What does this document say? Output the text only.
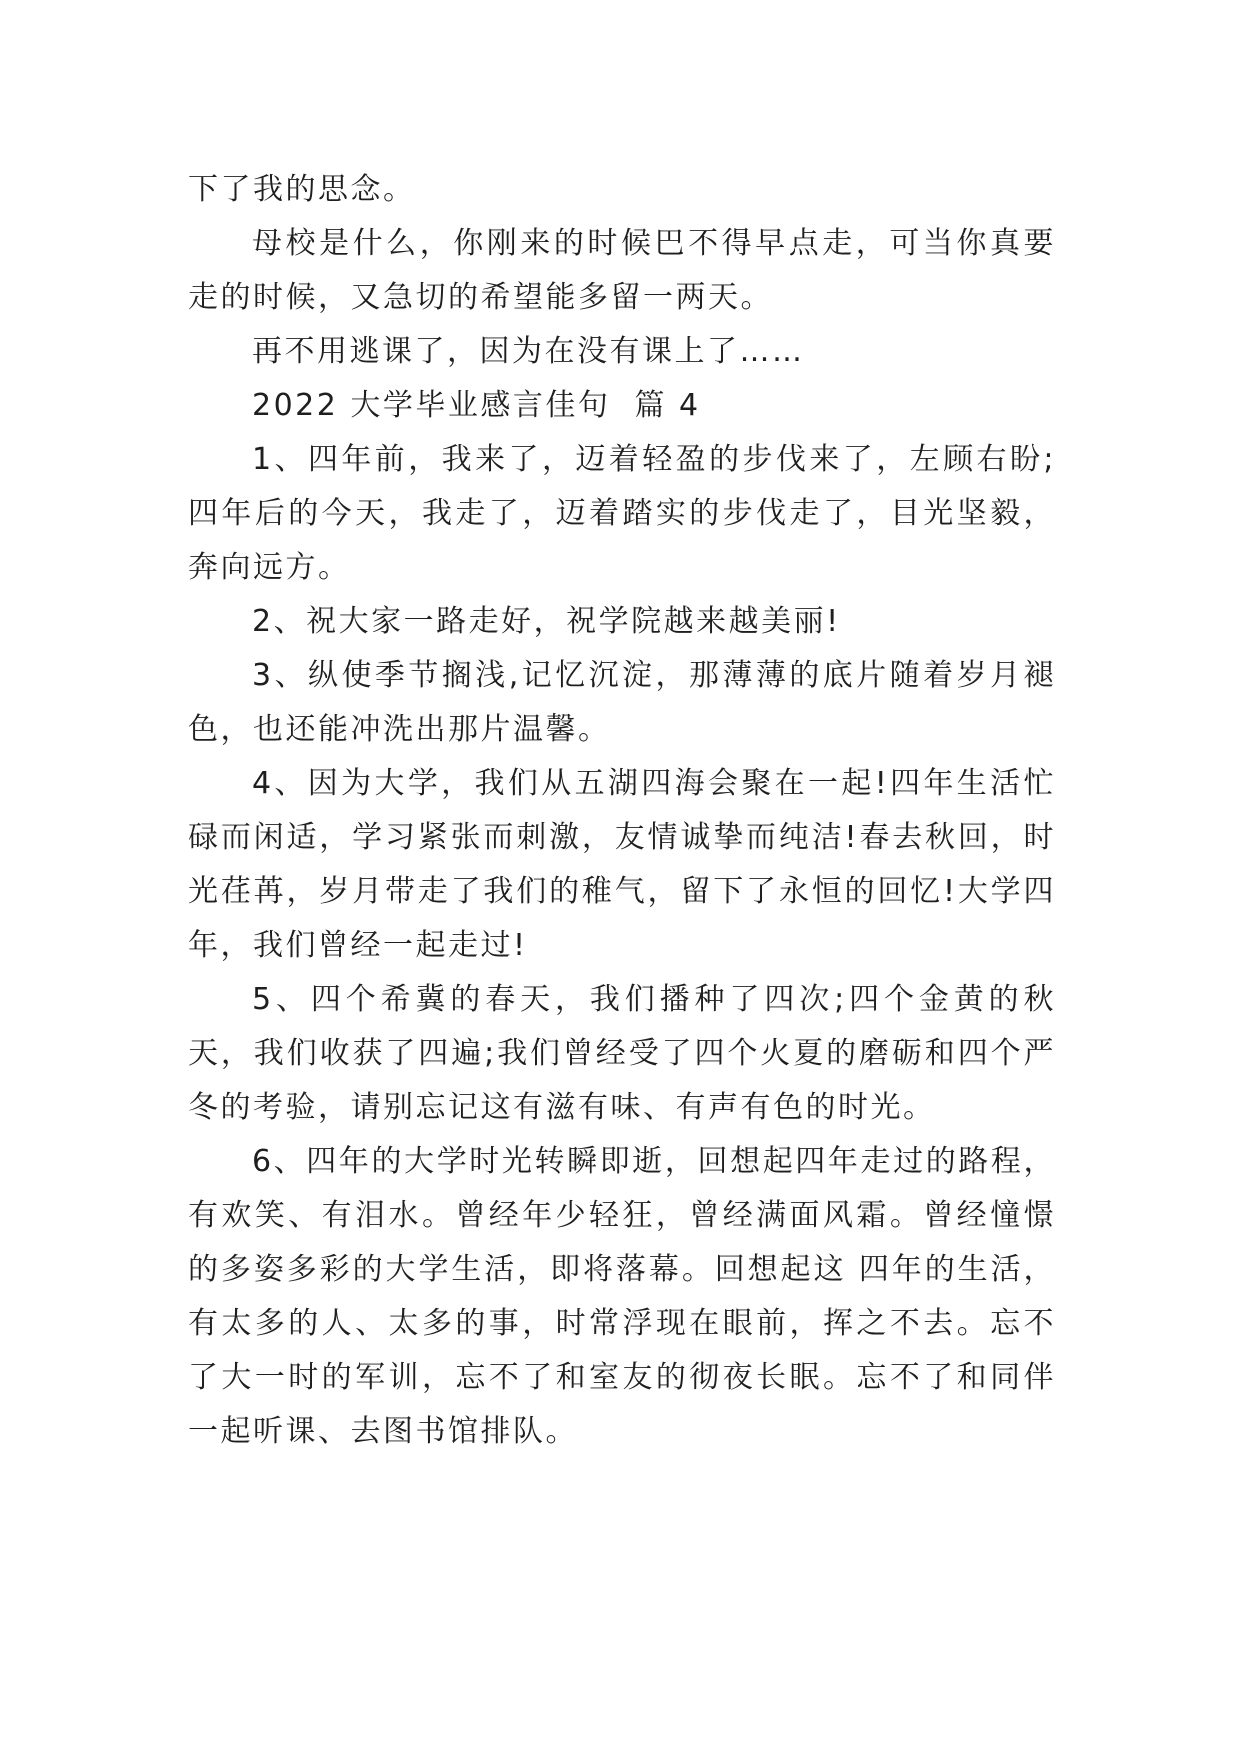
下了我的思念。

母校是什么，你刚来的时候巴不得早点走，可当你真要走的时候，又急切的希望能多留一两天。

再不用逃课了，因为在没有课上了……

2022 大学毕业感言佳句  篇 4

1、四年前，我来了，迈着轻盈的步伐来了，左顾右盼;四年后的今天，我走了，迈着踏实的步伐走了，目光坚毅，奔向远方。

2、祝大家一路走好，祝学院越来越美丽!

3、纵使季节搁浅,记忆沉淀，那薄薄的底片随着岁月褪色，也还能冲洗出那片温馨。

4、因为大学，我们从五湖四海会聚在一起!四年生活忙碌而闲适，学习紧张而刺激，友情诚挚而纯洁!春去秋回，时光荏苒，岁月带走了我们的稚气，留下了永恒的回忆!大学四年，我们曾经一起走过!

5、四个希冀的春天，我们播种了四次;四个金黄的秋天，我们收获了四遍;我们曾经受了四个火夏的磨砺和四个严冬的考验，请别忘记这有滋有味、有声有色的时光。

6、四年的大学时光转瞬即逝，回想起四年走过的路程，有欢笑、有泪水。曾经年少轻狂，曾经满面风霜。曾经憧憬的多姿多彩的大学生活，即将落幕。回想起这 四年的生活，有太多的人、太多的事，时常浮现在眼前，挥之不去。忘不了大一时的军训，忘不了和室友的彻夜长眠。忘不了和同伴一起听课、去图书馆排队。
